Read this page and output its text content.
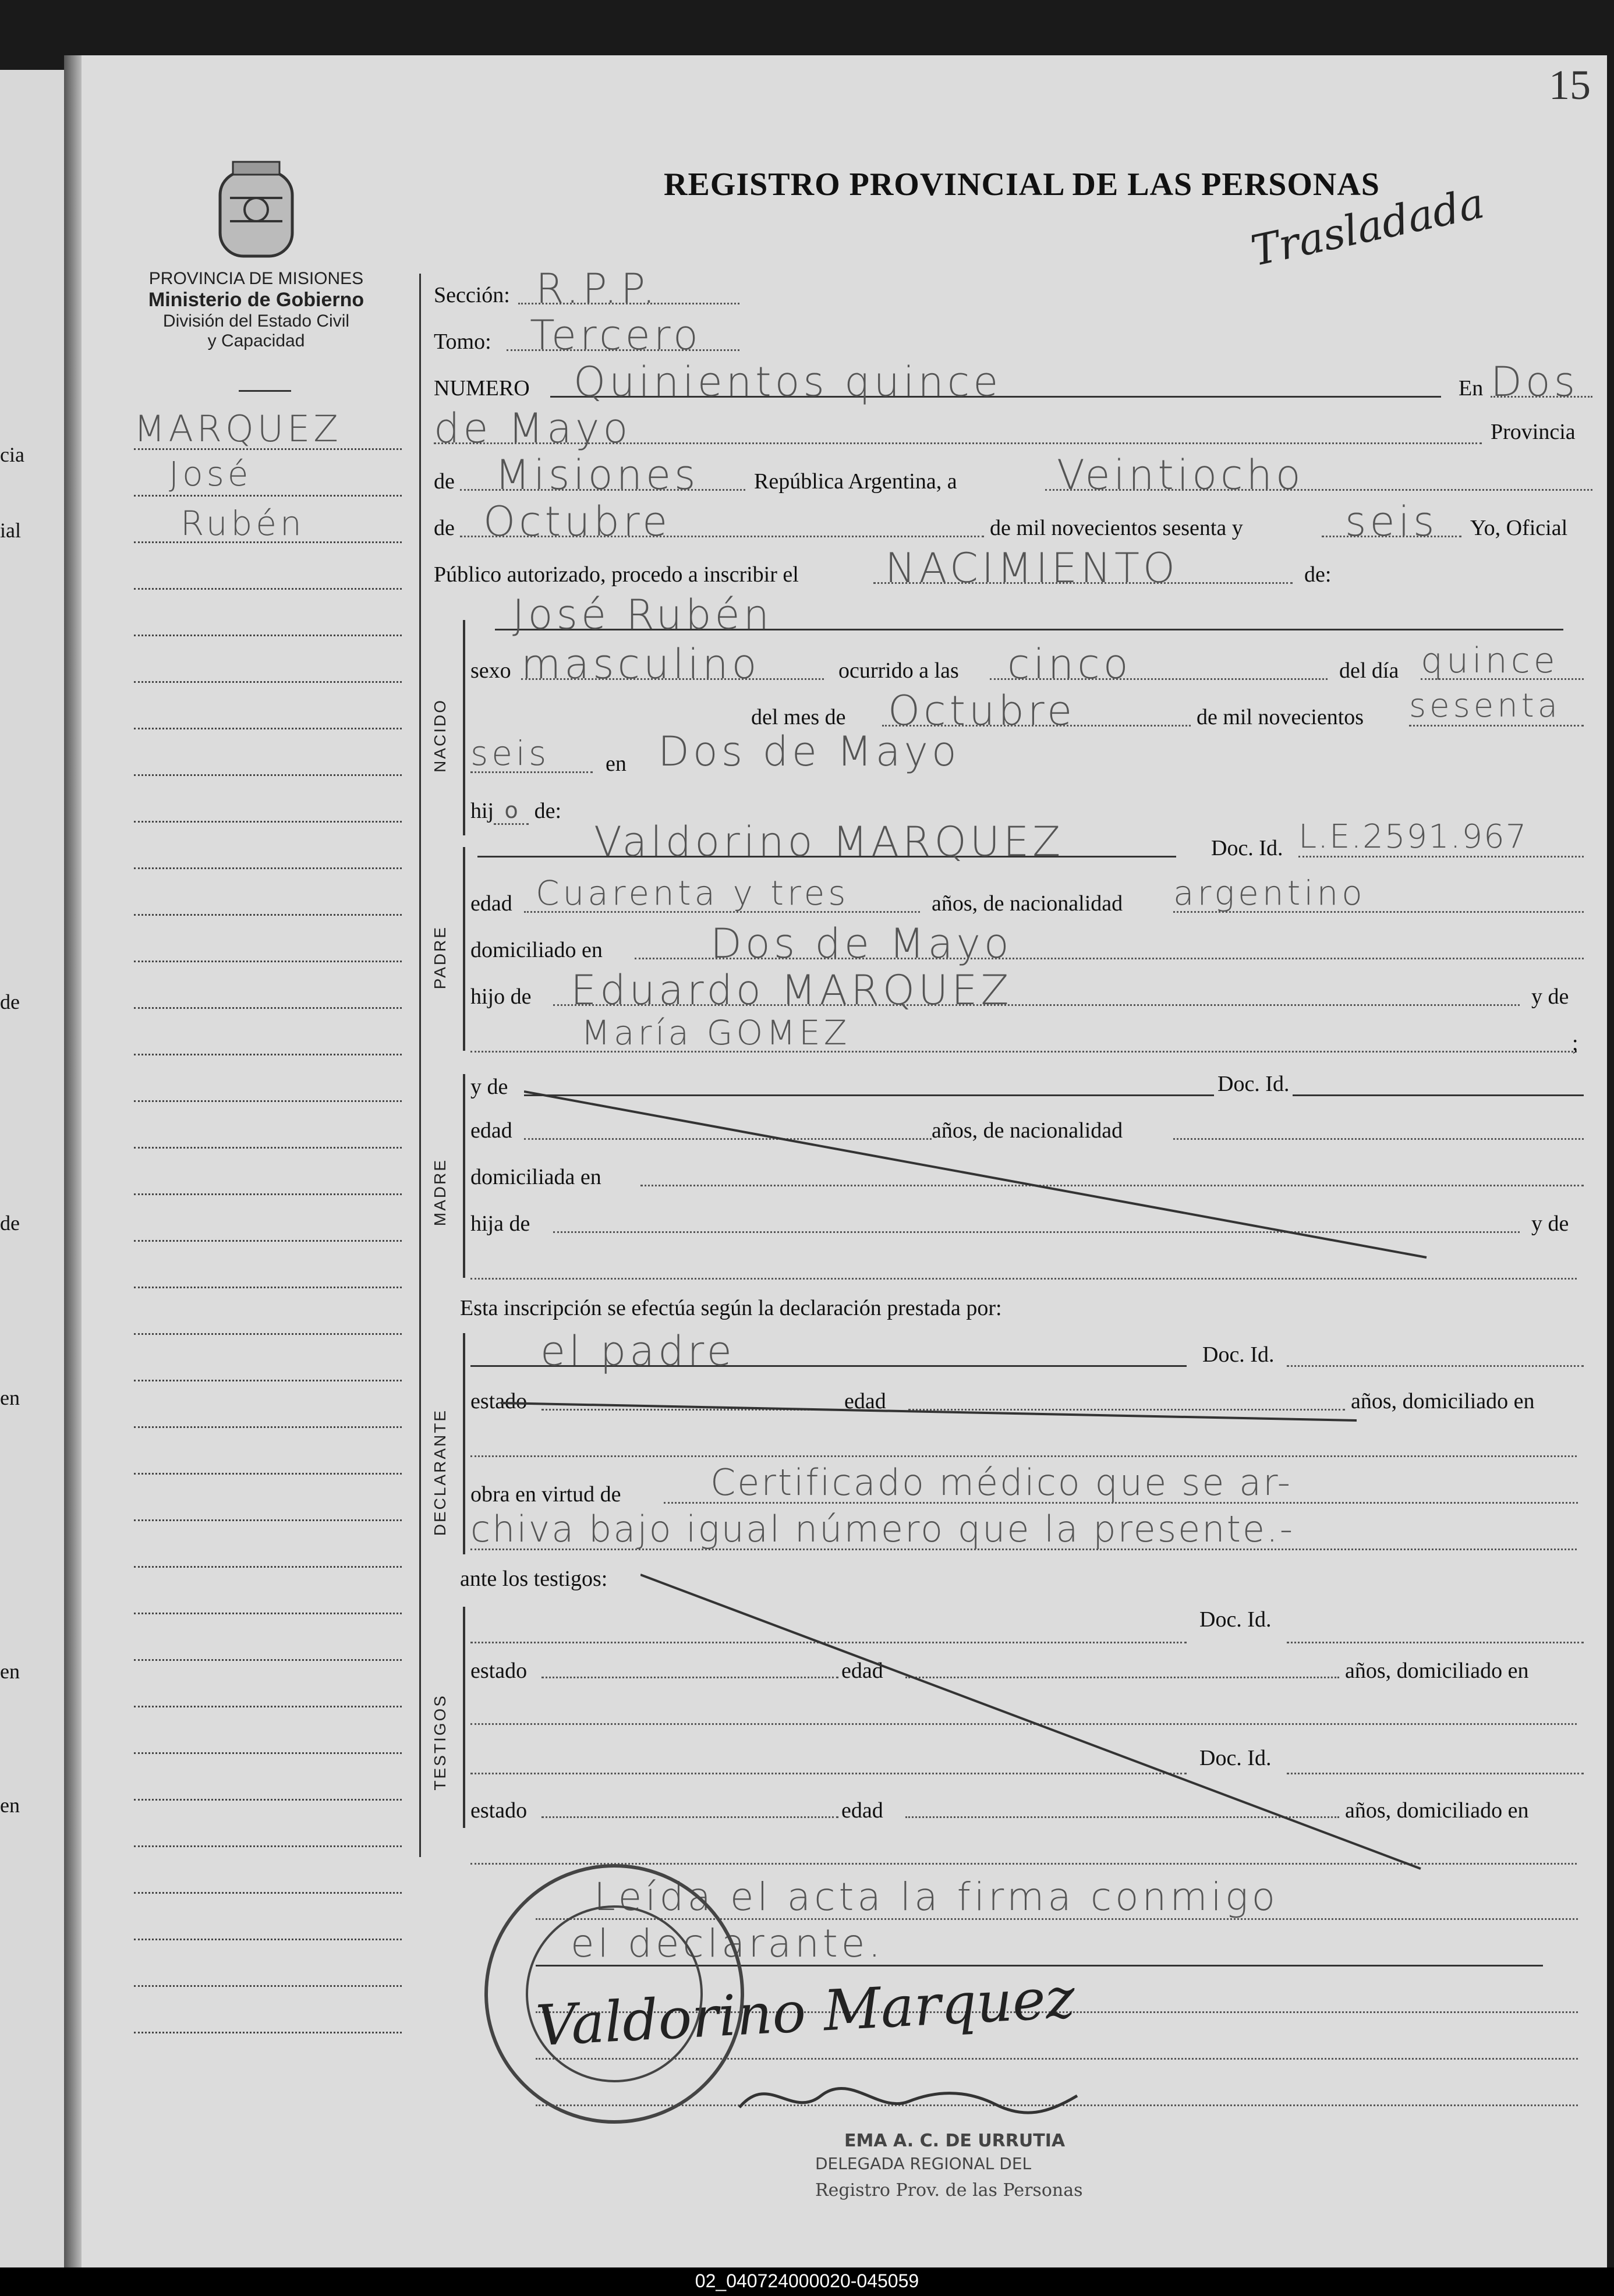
cia
ial
de
de
en
en
en
15
PROVINCIA DE MISIONES
Ministerio de Gobierno
División del Estado Civil
y Capacidad
REGISTRO PROVINCIAL DE LAS PERSONAS
Trasladada
MARQUEZ
José
Rubén
Sección: R.P.P.
Tomo: Tercero
NUMERO	Quinientos quince	En Dos
de Mayo	Provincia
de Misiones	República Argentina, a Veintiocho
de Octubre	de mil novecientos sesenta y	seis	Yo, Oficial
Público autorizado, procedo a inscribir el NACIMIENTO	de:
José Rubén
NACIDO
sexo masculino	ocurrido a las	cinco	del día quince
del mes de Octubre	de mil novecientos sesenta
seis	en Dos de Mayo
hij o de:
PADRE
Valdorino MARQUEZ	Doc. Id. L.E.2591.967
edad Cuarenta y tres	años, de nacionalidad argentino
domiciliado en	Dos de Mayo
hijo de Eduardo MARQUEZ	y de
María GOMEZ	;
MADRE
y de	Doc. Id.
edad	años, de nacionalidad
domiciliada en
hija de	y de
Esta inscripción se efectúa según la declaración prestada por:
DECLARANTE
el padre	Doc. Id.
estado	edad	años, domiciliado en
obra en virtud de	Certificado médico que se ar-
chiva bajo igual número que la presente.-
ante los testigos:
TESTIGOS
Doc. Id.
estado	edad	años, domiciliado en
Doc. Id.
estado	edad	años, domiciliado en
Leída el acta la firma conmigo
el declarante.
Valdorino Marquez
EMA A. C. DE URRUTIA
DELEGADA REGIONAL DEL
Registro Prov. de las Personas
02_040724000020-045059
